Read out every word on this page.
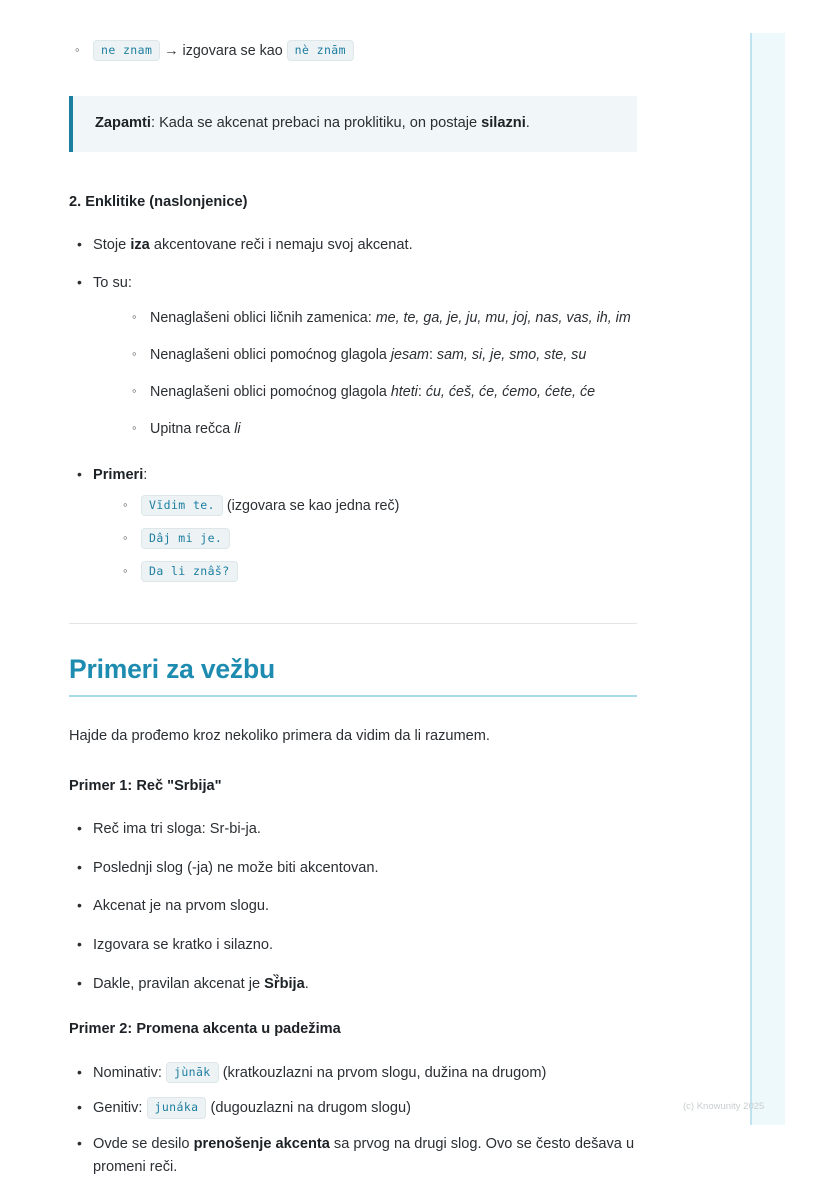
◦ ne znam → izgovara se kao nè znām
Zapamti: Kada se akcenat prebaci na proklitiku, on postaje silazni.
2. Enklitike (naslonjenice)
• Stoje iza akcentovane reči i nemaju svoj akcenat.
• To su:
◦ Nenaglašeni oblici ličnih zamenica: me, te, ga, je, ju, mu, joj, nas, vas, ih, im
◦ Nenaglašeni oblici pomoćnog glagola jesam: sam, si, je, smo, ste, su
◦ Nenaglašeni oblici pomoćnog glagola hteti: ću, ćeš, će, ćemo, ćete, će
◦ Upitna rečca li
• Primeri:
◦ Vĭdim te. (izgovara se kao jedna reč)
◦ Dâj mi je.
◦ Da li znâš?
Primeri za vežbu

Hajde da prođemo kroz nekoliko primera da vidim da li razumem.

Primer 1: Reč "Srbija"
• Reč ima tri sloga: Sr-bi-ja.
• Poslednji slog (-ja) ne može biti akcentovan.
• Akcenat je na prvom slogu.
• Izgovara se kratko i silazno.
• Dakle, pravilan akcenat je Sṙ̏bija.
Primer 2: Promena akcenta u padežima
• Nominativ: jùnāk (kratkouzlazni na prvom slogu, dužina na drugom)
• Genitiv: junáka (dugouzlazni na drugom slogu)
• Ovde se desilo prenošenje akcenta sa prvog na drugi slog. Ovo se često dešava u promeni reči.
(c) Knowunity 2025
